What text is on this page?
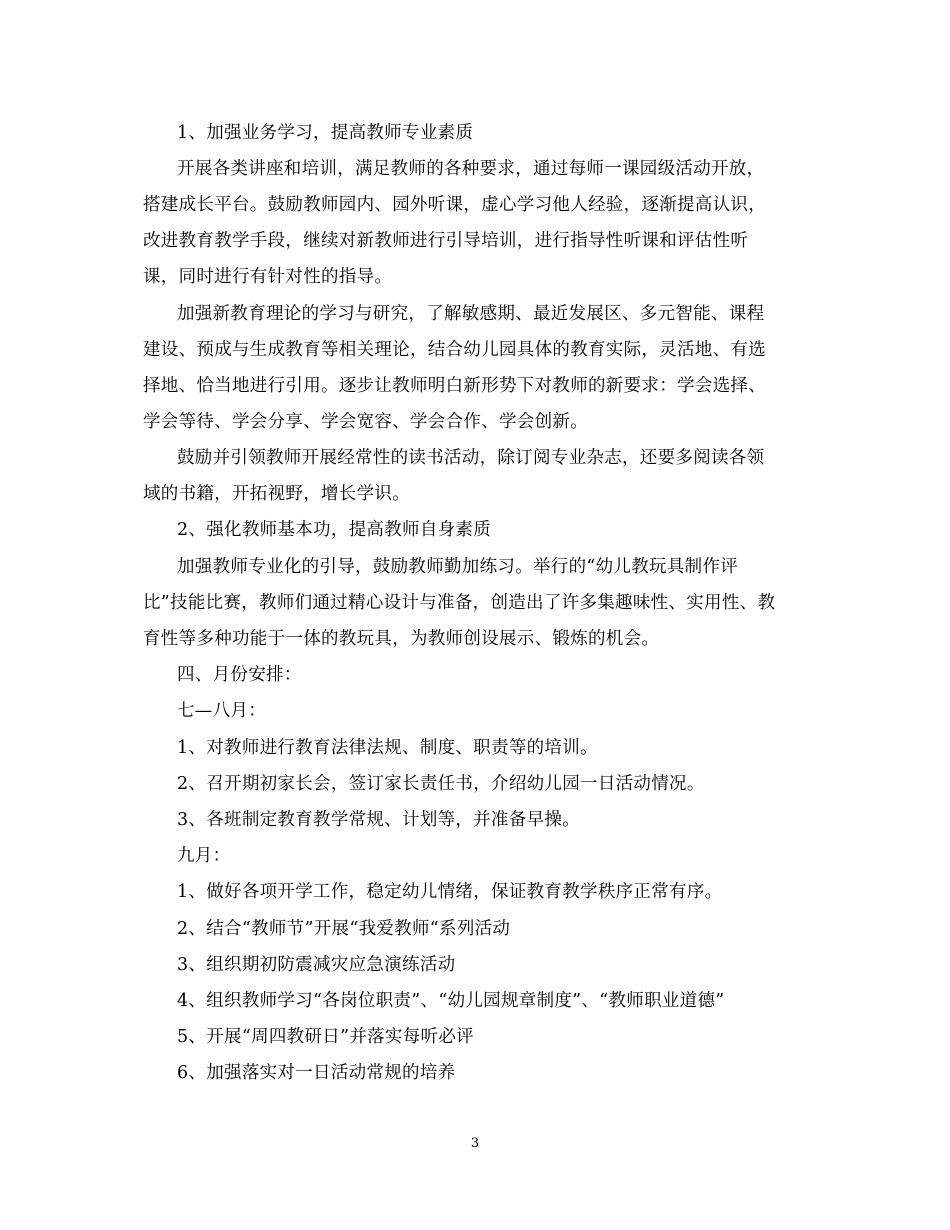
1、加强业务学习，提高教师专业素质

开展各类讲座和培训，满足教师的各种要求，通过每师一课园级活动开放，

搭建成长平台。鼓励教师园内、园外听课，虚心学习他人经验，逐渐提高认识，

改进教育教学手段，继续对新教师进行引导培训，进行指导性听课和评估性听

课，同时进行有针对性的指导。

加强新教育理论的学习与研究，了解敏感期、最近发展区、多元智能、课程

建设、预成与生成教育等相关理论，结合幼儿园具体的教育实际，灵活地、有选

择地、恰当地进行引用。逐步让教师明白新形势下对教师的新要求：学会选择、

学会等待、学会分享、学会宽容、学会合作、学会创新。

鼓励并引领教师开展经常性的读书活动，除订阅专业杂志，还要多阅读各领

域的书籍，开拓视野，增长学识。

2、强化教师基本功，提高教师自身素质

加强教师专业化的引导，鼓励教师勤加练习。举行的“幼儿教玩具制作评

比”技能比赛，教师们通过精心设计与准备，创造出了许多集趣味性、实用性、教

育性等多种功能于一体的教玩具，为教师创设展示、锻炼的机会。

四、月份安排：

七—八月：

1、对教师进行教育法律法规、制度、职责等的培训。

2、召开期初家长会，签订家长责任书，介绍幼儿园一日活动情况。

3、各班制定教育教学常规、计划等，并准备早操。

九月：

1、做好各项开学工作，稳定幼儿情绪，保证教育教学秩序正常有序。

2、结合“教师节”开展“我爱教师“系列活动

3、组织期初防震减灾应急演练活动

4、组织教师学习“各岗位职责”、“幼儿园规章制度”、“教师职业道德”

5、开展“周四教研日”并落实每听必评

6、加强落实对一日活动常规的培养

3
